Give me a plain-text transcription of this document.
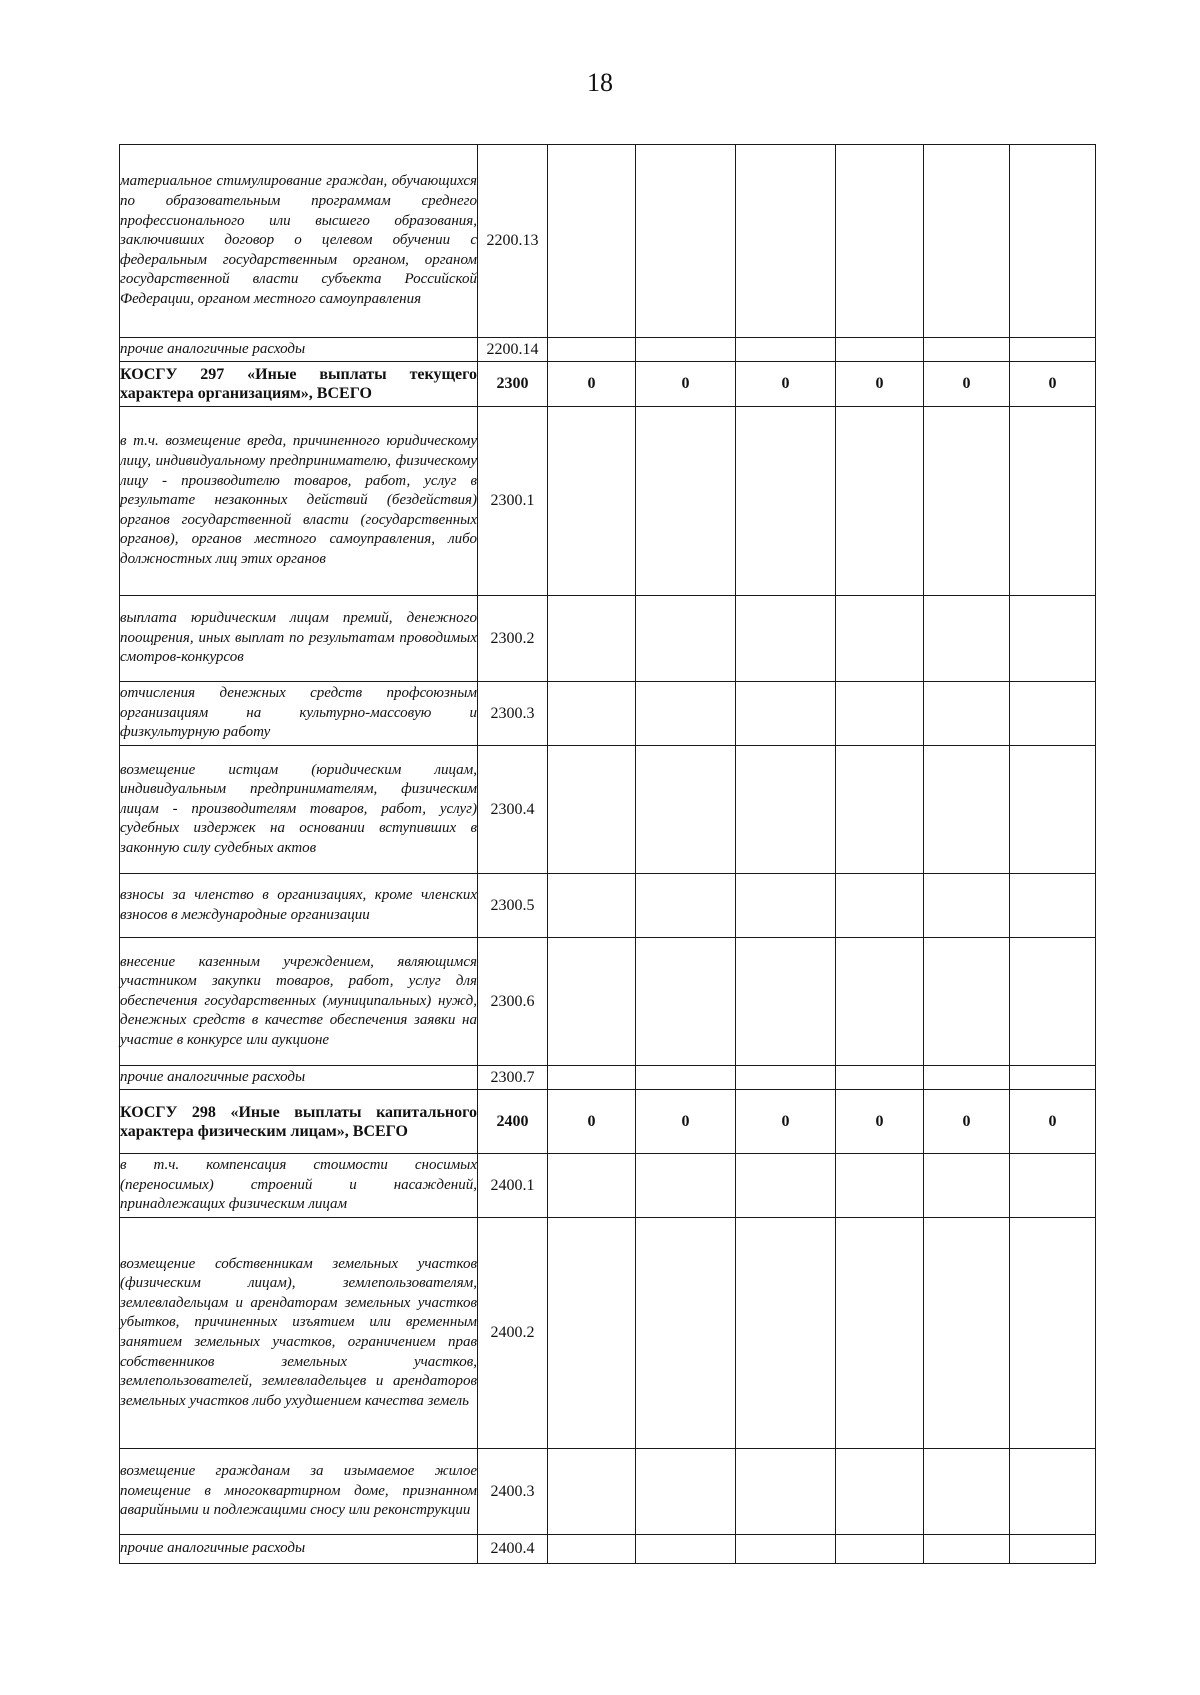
18
материальное стимулирование граждан, обучающихся по образовательным программам среднего профессионального или высшего образования, заключивших договор о целевом обучении с федеральным государственным органом, органом государственной власти субъекта Российской Федерации, органом местного самоуправления	2200.13						
прочие аналогичные расходы	2200.14						
КОСГУ 297 «Иные выплаты текущего характера организациям», ВСЕГО	2300	0	0	0	0	0	0
в т.ч. возмещение вреда, причиненного юридическому лицу, индивидуальному предпринимателю, физическому лицу - производителю товаров, работ, услуг в результате незаконных действий (бездействия) органов государственной власти (государственных органов), органов местного самоуправления, либо должностных лиц этих органов	2300.1						
выплата юридическим лицам премий, денежного поощрения, иных выплат по результатам проводимых смотров-конкурсов	2300.2						
отчисления денежных средств профсоюзным организациям на культурно-массовую и физкультурную работу	2300.3						
возмещение истцам (юридическим лицам, индивидуальным предпринимателям, физическим лицам - производителям товаров, работ, услуг) судебных издержек на основании вступивших в законную силу судебных актов	2300.4						
взносы за членство в организациях, кроме членских взносов в международные организации	2300.5						
внесение казенным учреждением, являющимся участником закупки товаров, работ, услуг для обеспечения государственных (муниципальных) нужд, денежных средств в качестве обеспечения заявки на участие в конкурсе или аукционе	2300.6						
прочие аналогичные расходы	2300.7						
КОСГУ 298 «Иные выплаты капитального характера физическим лицам», ВСЕГО	2400	0	0	0	0	0	0
в т.ч. компенсация стоимости сносимых (переносимых) строений и насаждений, принадлежащих физическим лицам	2400.1						
возмещение собственникам земельных участков (физическим лицам), землепользователям, землевладельцам и арендаторам земельных участков убытков, причиненных изъятием или временным занятием земельных участков, ограничением прав собственников земельных участков, землепользователей, землевладельцев и арендаторов земельных участков либо ухудшением качества земель	2400.2						
возмещение гражданам за изымаемое жилое помещение в многоквартирном доме, признанном аварийными и подлежащими сносу или реконструкции	2400.3						
прочие аналогичные расходы	2400.4						
